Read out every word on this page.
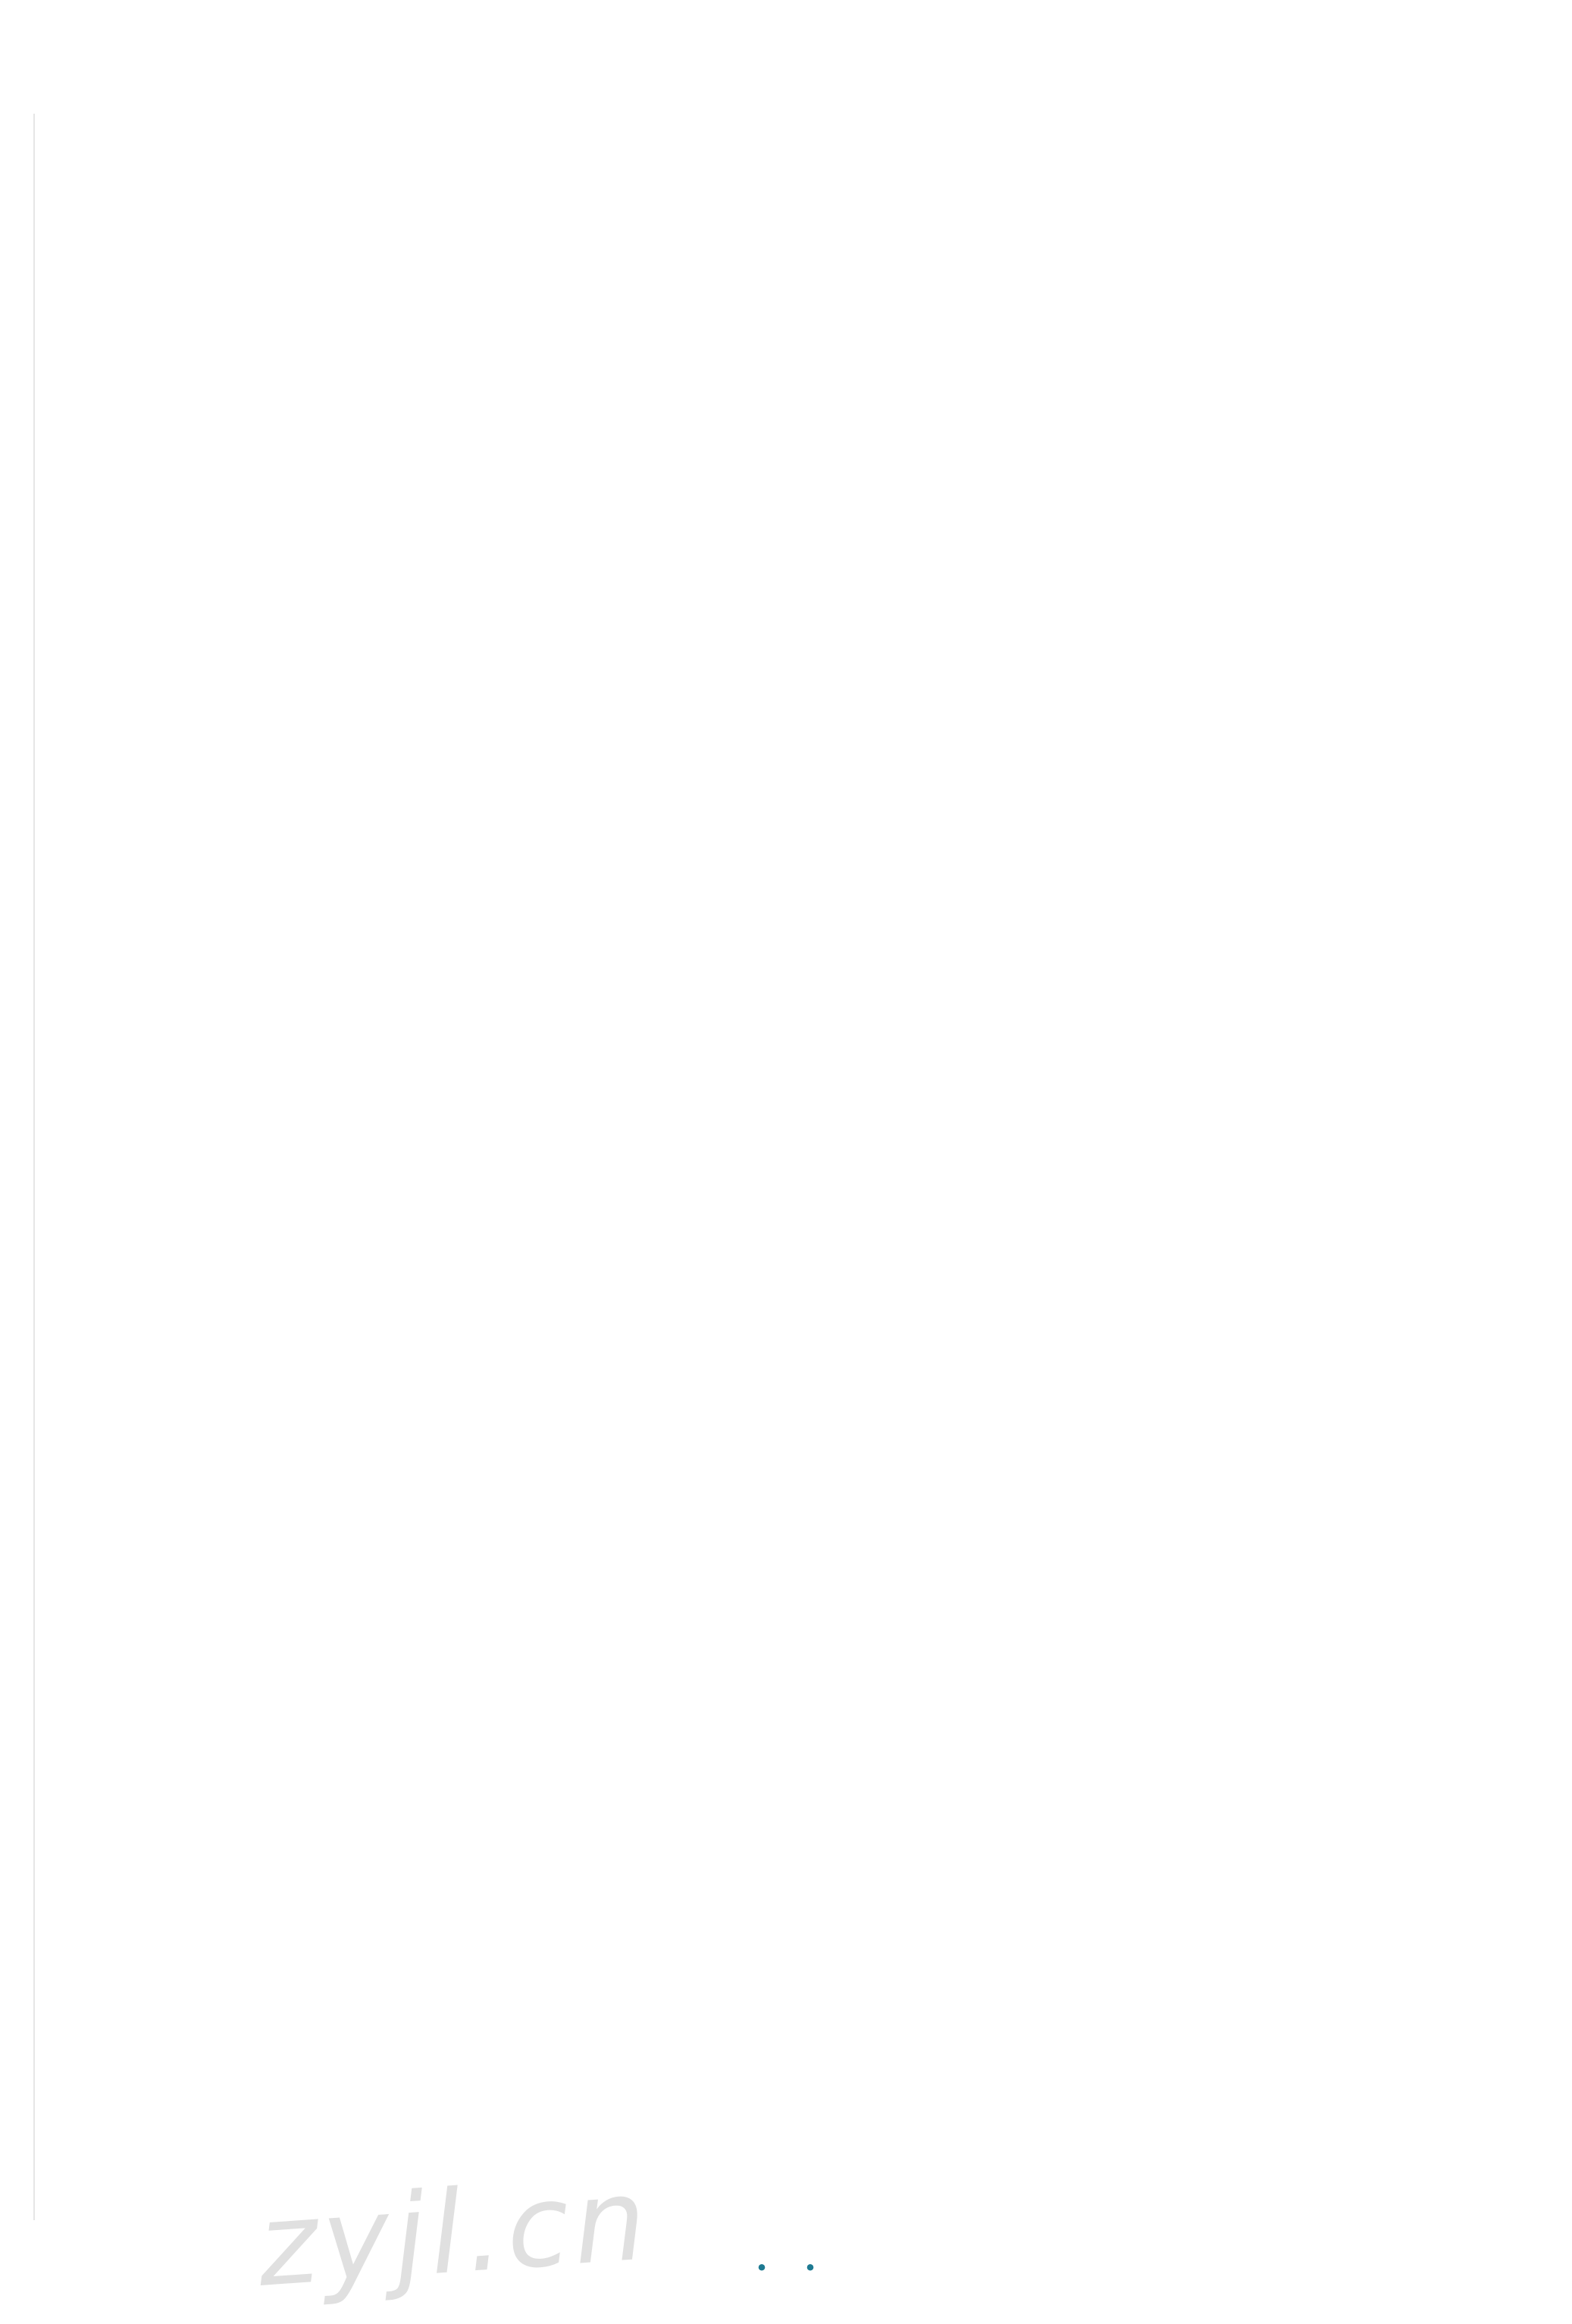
zyjl.cn	· ·
